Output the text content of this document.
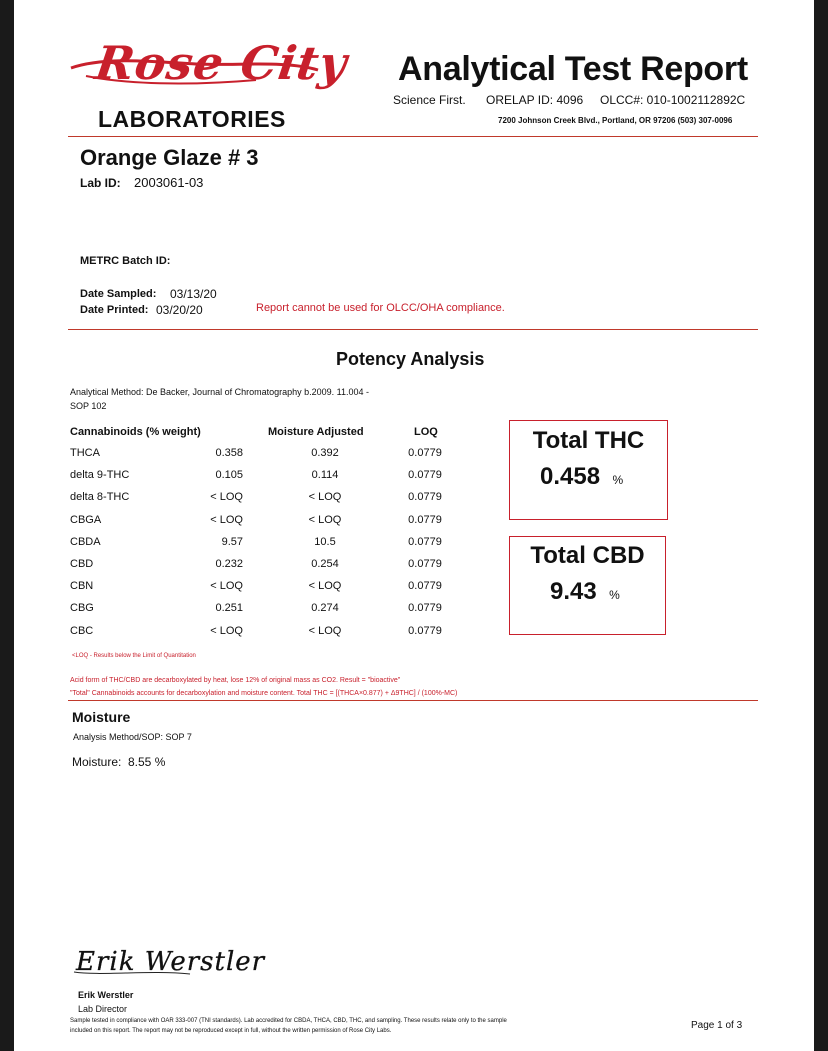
Rose City
LABORATORIES
Analytical Test Report
Science First. ORELAP ID: 4096 OLCC#: 010-1002112892C
7200 Johnson Creek Blvd., Portland, OR 97206 (503) 307-0096
Orange Glaze # 3
Lab ID: 2003061-03
METRC Batch ID:
Date Sampled: 03/13/20
Date Printed: 03/20/20	Report cannot be used for OLCC/OHA compliance.
Potency Analysis
Analytical Method: De Backer, Journal of Chromatography b.2009. 11.004 -
SOP 102
Cannabinoids (% weight)	Moisture Adjusted	LOQ
THCA	0.358	0.392	0.0779
delta 9-THC	0.105	0.114	0.0779
delta 8-THC	< LOQ	< LOQ	0.0779
CBGA	< LOQ	< LOQ	0.0779
CBDA	9.57	10.5	0.0779
CBD	0.232	0.254	0.0779
CBN	< LOQ	< LOQ	0.0779
CBG	0.251	0.274	0.0779
CBC	< LOQ	< LOQ	0.0779
Total THC
0.458 %
Total CBD
9.43 %
<LOQ - Results below the Limit of Quantitation
Acid form of THC/CBD are decarboxylated by heat, lose 12% of original mass as CO2. Result = "bioactive"
"Total" Cannabinoids accounts for decarboxylation and moisture content. Total THC = [(THCA×0.877) + Δ9THC] / (100%-MC)
Moisture
Analysis Method/SOP: SOP 7
Moisture: 8.55 %
Erik Werstler
Erik Werstler
Lab Director
Sample tested in compliance with OAR 333-007 (TNI standards). Lab accredited for CBDA, THCA, CBD, THC, and sampling. These results relate only to the sample
included on this report. The report may not be reproduced except in full, without the written permission of Rose City Labs.	Page 1 of 3
